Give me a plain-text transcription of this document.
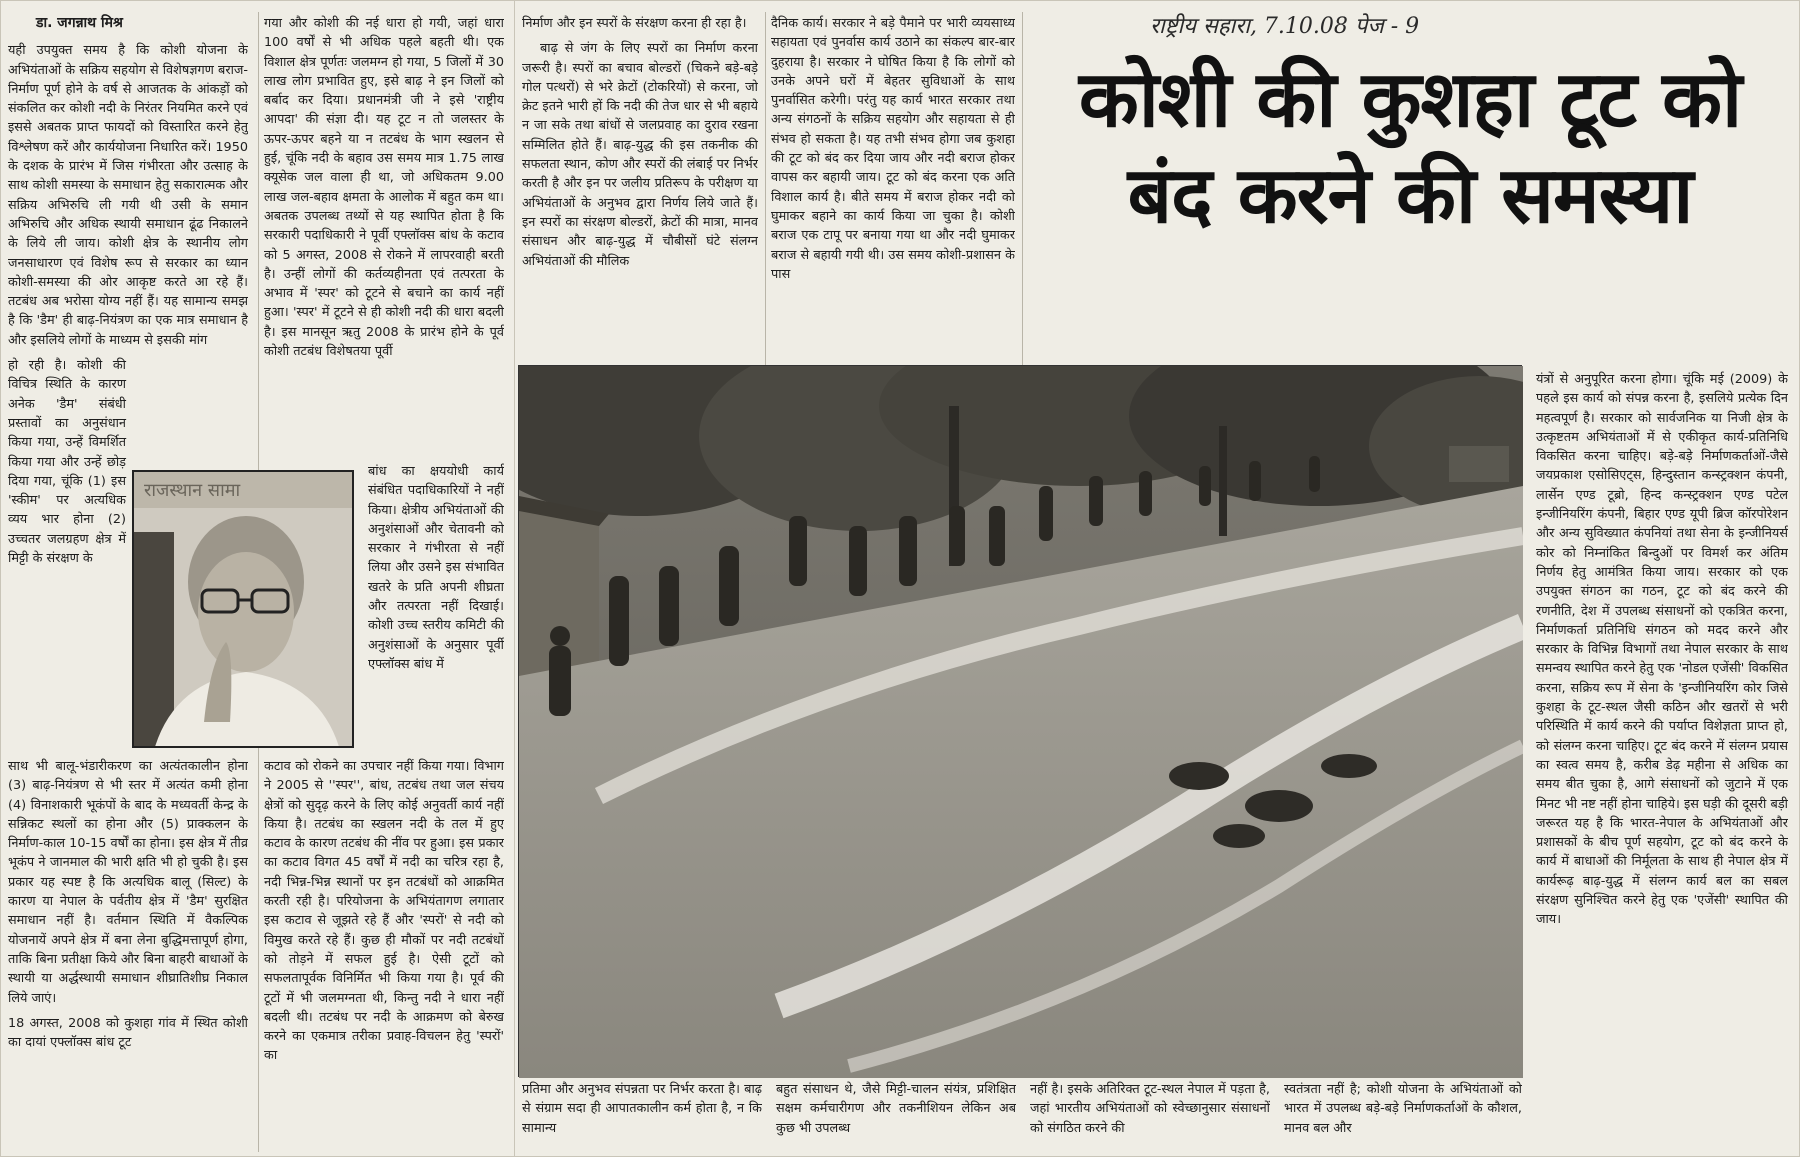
डा. जगन्नाथ मिश्र

यही उपयुक्त समय है कि कोशी योजना के अभियंताओं के सक्रिय सहयोग से विशेषज्ञगण बराज-निर्माण पूर्ण होने के वर्ष से आजतक के आंकड़ों को संकलित कर कोशी नदी के निरंतर नियमित करने एवं इससे अबतक प्राप्त फायदों को विस्तारित करने हेतु विश्लेषण करें और कार्ययोजना निधारित करें। 1950 के दशक के प्रारंभ में जिस गंभीरता और उत्साह के साथ कोशी समस्या के समाधान हेतु सकारात्मक और सक्रिय अभिरुचि ली गयी थी उसी के समान अभिरुचि और अधिक स्थायी समाधान ढूंढ निकालने के लिये ली जाय। कोशी क्षेत्र के स्थानीय लोग जनसाधारण एवं विशेष रूप से सरकार का ध्यान कोशी-समस्या की ओर आकृष्ट करते आ रहे हैं। तटबंध अब भरोसा योग्य नहीं हैं। यह सामान्य समझ है कि 'डैम' ही बाढ़-नियंत्रण का एक मात्र समाधान है और इसलिये लोगों के माध्यम से इसकी मांग

हो रही है। कोशी की विचित्र स्थिति के कारण अनेक 'डैम' संबंधी प्रस्तावों का अनुसंधान किया गया, उन्हें विमर्शित किया गया और उन्हें छोड़ दिया गया, चूंकि (1) इस 'स्कीम' पर अत्यधिक व्यय भार होना (2) उच्चतर जलग्रहण क्षेत्र में मिट्टी के संरक्षण के

साथ भी बालू-भंडारीकरण का अत्यंतकालीन होना (3) बाढ़-नियंत्रण से भी स्तर में अत्यंत कमी होना (4) विनाशकारी भूकंपों के बाद के मध्यवर्ती केन्द्र के सन्निकट स्थलों का होना और (5) प्राक्कलन के निर्माण-काल 10-15 वर्षों का होना। इस क्षेत्र में तीव्र भूकंप ने जानमाल की भारी क्षति भी हो चुकी है। इस प्रकार यह स्पष्ट है कि अत्यधिक बालू (सिल्ट) के कारण या नेपाल के पर्वतीय क्षेत्र में 'डैम' सुरक्षित समाधान नहीं है। वर्तमान स्थिति में वैकल्पिक योजनायें अपने क्षेत्र में बना लेना बुद्धिमत्तापूर्ण होगा, ताकि बिना प्रतीक्षा किये और बिना बाहरी बाधाओं के स्थायी या अर्द्धस्थायी समाधान शीघ्रातिशीघ्र निकाल लिये जाएं।

18 अगस्त, 2008 को कुशहा गांव में स्थित कोशी का दायां एफ्लॉक्स बांध टूट

गया और कोशी की नई धारा हो गयी, जहां धारा 100 वर्षों से भी अधिक पहले बहती थी। एक विशाल क्षेत्र पूर्णतः जलमग्न हो गया, 5 जिलों में 30 लाख लोग प्रभावित हुए, इसे बाढ़ ने इन जिलों को बर्बाद कर दिया। प्रधानमंत्री जी ने इसे 'राष्ट्रीय आपदा' की संज्ञा दी। यह टूट न तो जलस्तर के ऊपर-ऊपर बहने या न तटबंध के भाग स्खलन से हुई, चूंकि नदी के बहाव उस समय मात्र 1.75 लाख क्यूसेक जल वाला ही था, जो अधिकतम 9.00 लाख जल-बहाव क्षमता के आलोक में बहुत कम था। अबतक उपलब्ध तथ्यों से यह स्थापित होता है कि सरकारी पदाधिकारी ने पूर्वी एफ्लॉक्स बांध के कटाव को 5 अगस्त, 2008 से रोकने में लापरवाही बरती है। उन्हीं लोगों की कर्तव्यहीनता एवं तत्परता के अभाव में 'स्पर' को टूटने से बचाने का कार्य नहीं हुआ। 'स्पर' में टूटने से ही कोशी नदी की धारा बदली है। इस मानसून ऋतु 2008 के प्रारंभ होने के पूर्व कोशी तटबंध विशेषतया पूर्वी

बांध का क्षययोधी कार्य संबंधित पदाधिकारियों ने नहीं किया। क्षेत्रीय अभियंताओं की अनुशंसाओं और चेतावनी को सरकार ने गंभीरता से नहीं लिया और उसने इस संभावित खतरे के प्रति अपनी शीघ्रता और तत्परता नहीं दिखाई। कोशी उच्च स्तरीय कमिटी की अनुशंसाओं के अनुसार पूर्वी एफ्लॉक्स बांध में

कटाव को रोकने का उपचार नहीं किया गया। विभाग ने 2005 से ''स्पर'', बांध, तटबंध तथा जल संचय क्षेत्रों को सुदृढ़ करने के लिए कोई अनुवर्ती कार्य नहीं किया है। तटबंध का स्खलन नदी के तल में हुए कटाव के कारण तटबंध की नींव पर हुआ। इस प्रकार का कटाव विगत 45 वर्षों में नदी का चरित्र रहा है, नदी भिन्न-भिन्न स्थानों पर इन तटबंधों को आक्रमित करती रही है। परियोजना के अभियंतागण लगातार इस कटाव से जूझते रहे हैं और 'स्परों' से नदी को विमुख करते रहे हैं। कुछ ही मौकों पर नदी तटबंधों को तोड़ने में सफल हुई है। ऐसी टूटों को सफलतापूर्वक विनिर्मित भी किया गया है। पूर्व की टूटों में भी जलमग्नता थी, किन्तु नदी ने धारा नहीं बदली थी। तटबंध पर नदी के आक्रमण को बेरुख करने का एकमात्र तरीका प्रवाह-विचलन हेतु 'स्परों' का

राजस्थान सामा

निर्माण और इन स्परों के संरक्षण करना ही रहा है।

बाढ़ से जंग के लिए स्परों का निर्माण करना जरूरी है। स्परों का बचाव बोल्डरों (चिकने बड़े-बड़े गोल पत्थरों) से भरे क्रेटों (टोकरियों) से करना, जो क्रेट इतने भारी हों कि नदी की तेज धार से भी बहाये न जा सके तथा बांधों से जलप्रवाह का दुराव रखना सम्मिलित होते हैं। बाढ़-युद्ध की इस तकनीक की सफलता स्थान, कोण और स्परों की लंबाई पर निर्भर करती है और इन पर जलीय प्रतिरूप के परीक्षण या अभियंताओं के अनुभव द्वारा निर्णय लिये जाते हैं। इन स्परों का संरक्षण बोल्डरों, क्रेटों की मात्रा, मानव संसाधन और बाढ़-युद्ध में चौबीसों घंटे संलग्न अभियंताओं की मौलिक

दैनिक कार्य। सरकार ने बड़े पैमाने पर भारी व्ययसाध्य सहायता एवं पुनर्वास कार्य उठाने का संकल्प बार-बार दुहराया है। सरकार ने घोषित किया है कि लोगों को उनके अपने घरों में बेहतर सुविधाओं के साथ पुनर्वासित करेगी। परंतु यह कार्य भारत सरकार तथा अन्य संगठनों के सक्रिय सहयोग और सहायता से ही संभव हो सकता है। यह तभी संभव होगा जब कुशहा की टूट को बंद कर दिया जाय और नदी बराज होकर वापस कर बहायी जाय। टूट को बंद करना एक अति विशाल कार्य है। बीते समय में बराज होकर नदी को घुमाकर बहाने का कार्य किया जा चुका है। कोशी बराज एक टापू पर बनाया गया था और नदी घुमाकर बराज से बहायी गयी थी। उस समय कोशी-प्रशासन के पास

राष्ट्रीय सहारा, 7.10.08 पेज - 9
कोशी की कुशहा टूट को
बंद करने की समस्या

प्रतिमा और अनुभव संपन्नता पर निर्भर करता है। बाढ़ से संग्राम सदा ही आपातकालीन कर्म होता है, न कि सामान्य

बहुत संसाधन थे, जैसे मिट्टी-चालन संयंत्र, प्रशिक्षित सक्षम कर्मचारीगण और तकनीशियन लेकिन अब कुछ भी उपलब्ध

नहीं है। इसके अतिरिक्त टूट-स्थल नेपाल में पड़ता है, जहां भारतीय अभियंताओं को स्वेच्छानुसार संसाधनों को संगठित करने की

स्वतंत्रता नहीं है; कोशी योजना के अभियंताओं को भारत में उपलब्ध बड़े-बड़े निर्माणकर्ताओं के कौशल, मानव बल और

यंत्रों से अनुपूरित करना होगा। चूंकि मई (2009) के पहले इस कार्य को संपन्न करना है, इसलिये प्रत्येक दिन महत्वपूर्ण है। सरकार को सार्वजनिक या निजी क्षेत्र के उत्कृष्टतम अभियंताओं में से एकीकृत कार्य-प्रतिनिधि विकसित करना चाहिए। बड़े-बड़े निर्माणकर्ताओं-जैसे जयप्रकाश एसोसिएट्स, हिन्दुस्तान कन्स्ट्रक्शन कंपनी, लार्सेन एण्ड टूब्रो, हिन्द कन्स्ट्रक्शन एण्ड पटेल इन्जीनियरिंग कंपनी, बिहार एण्ड यूपी ब्रिज कॉरपोरेशन और अन्य सुविख्यात कंपनियां तथा सेना के इन्जीनियर्स कोर को निम्नांकित बिन्दुओं पर विमर्श कर अंतिम निर्णय हेतु आमंत्रित किया जाय। सरकार को एक उपयुक्त संगठन का गठन, टूट को बंद करने की रणनीति, देश में उपलब्ध संसाधनों को एकत्रित करना, निर्माणकर्ता प्रतिनिधि संगठन को मदद करने और सरकार के विभिन्न विभागों तथा नेपाल सरकार के साथ समन्वय स्थापित करने हेतु एक 'नोडल एजेंसी' विकसित करना, सक्रिय रूप में सेना के 'इन्जीनियरिंग कोर जिसे कुशहा के टूट-स्थल जैसी कठिन और खतरों से भरी परिस्थिति में कार्य करने की पर्याप्त विशेज्ञता प्राप्त हो, को संलग्न करना चाहिए। टूट बंद करने में संलग्न प्रयास का स्वत्व समय है, करीब डेढ़ महीना से अधिक का समय बीत चुका है, आगे संसाधनों को जुटाने में एक मिनट भी नष्ट नहीं होना चाहिये। इस घड़ी की दूसरी बड़ी जरूरत यह है कि भारत-नेपाल के अभियंताओं और प्रशासकों के बीच पूर्ण सहयोग, टूट को बंद करने के कार्य में बाधाओं की निर्मूलता के साथ ही नेपाल क्षेत्र में कार्यरूढ़ बाढ़-युद्ध में संलग्न कार्य बल का सबल संरक्षण सुनिश्चित करने हेतु एक 'एजेंसी' स्थापित की जाय।
